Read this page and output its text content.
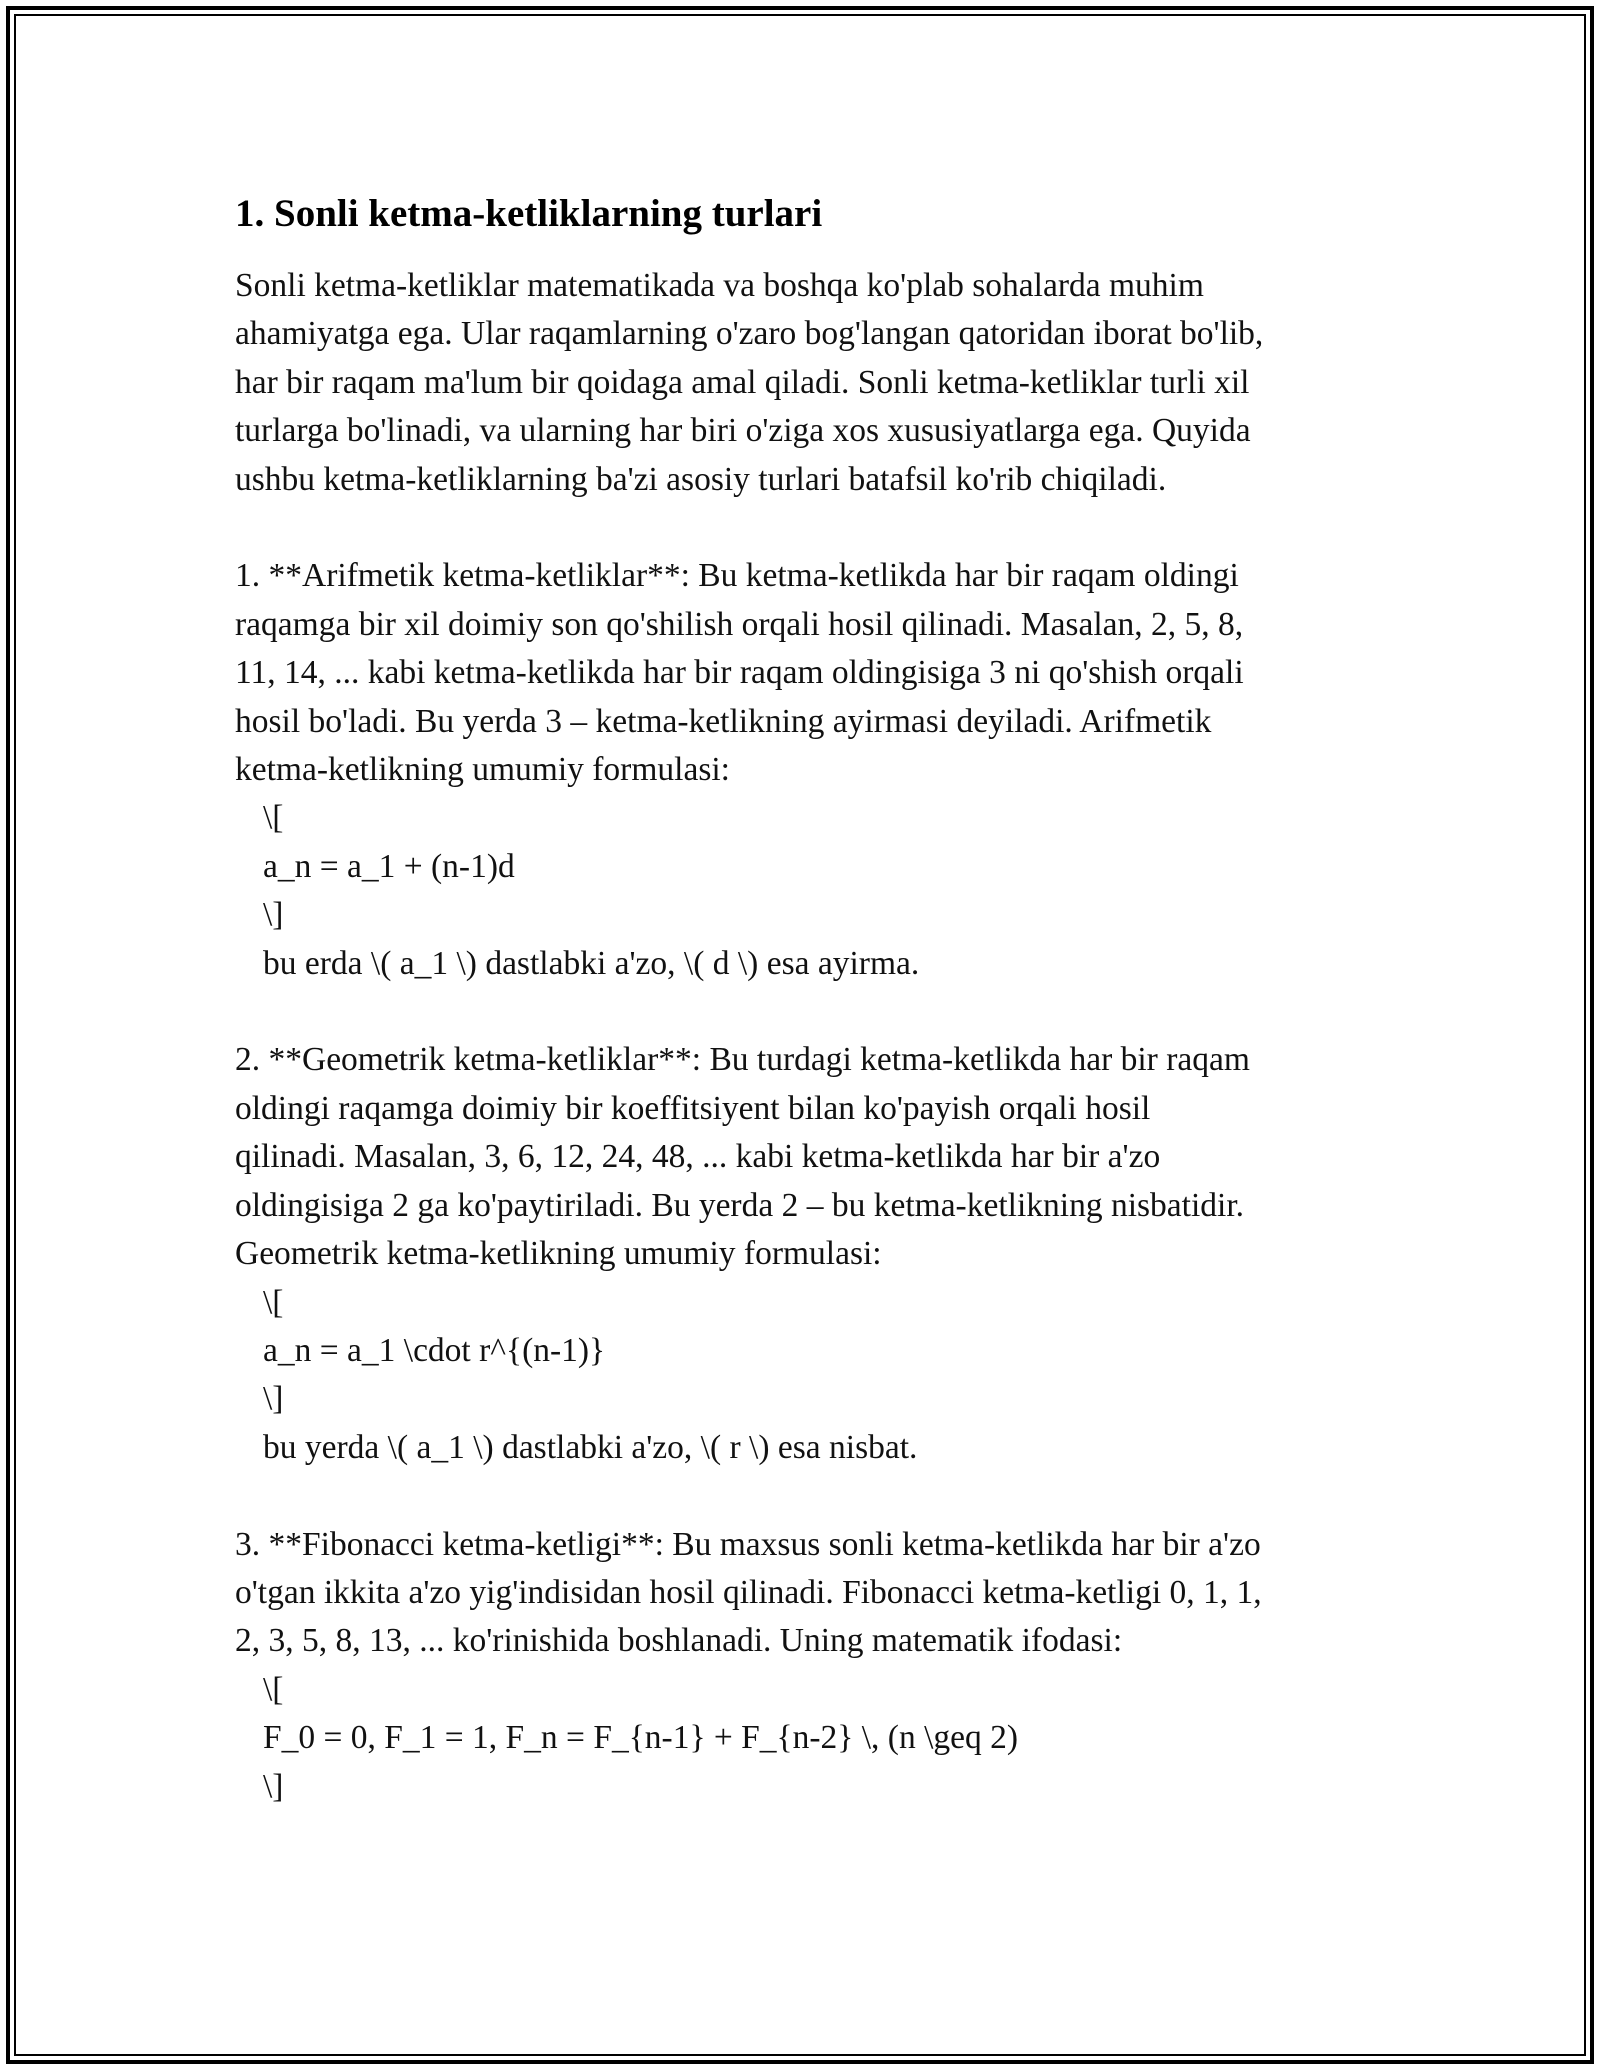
1. Sonli ketma-ketliklarning turlari

Sonli ketma-ketliklar matematikada va boshqa ko'plab sohalarda muhim
ahamiyatga ega. Ular raqamlarning o'zaro bog'langan qatoridan iborat bo'lib,
har bir raqam ma'lum bir qoidaga amal qiladi. Sonli ketma-ketliklar turli xil
turlarga bo'linadi, va ularning har biri o'ziga xos xususiyatlarga ega. Quyida
ushbu ketma-ketliklarning ba'zi asosiy turlari batafsil ko'rib chiqiladi.

1. **Arifmetik ketma-ketliklar**: Bu ketma-ketlikda har bir raqam oldingi
raqamga bir xil doimiy son qo'shilish orqali hosil qilinadi. Masalan, 2, 5, 8,
11, 14, ... kabi ketma-ketlikda har bir raqam oldingisiga 3 ni qo'shish orqali
hosil bo'ladi. Bu yerda 3 – ketma-ketlikning ayirmasi deyiladi. Arifmetik
ketma-ketlikning umumiy formulasi:

\[

a_n = a_1 + (n-1)d

\]

bu erda \( a_1 \) dastlabki a'zo, \( d \) esa ayirma.

2. **Geometrik ketma-ketliklar**: Bu turdagi ketma-ketlikda har bir raqam
oldingi raqamga doimiy bir koeffitsiyent bilan ko'payish orqali hosil
qilinadi. Masalan, 3, 6, 12, 24, 48, ... kabi ketma-ketlikda har bir a'zo
oldingisiga 2 ga ko'paytiriladi. Bu yerda 2 – bu ketma-ketlikning nisbatidir.
Geometrik ketma-ketlikning umumiy formulasi:

\[

a_n = a_1 \cdot r^{(n-1)}

\]

bu yerda \( a_1 \) dastlabki a'zo, \( r \) esa nisbat.

3. **Fibonacci ketma-ketligi**: Bu maxsus sonli ketma-ketlikda har bir a'zo
o'tgan ikkita a'zo yig'indisidan hosil qilinadi. Fibonacci ketma-ketligi 0, 1, 1,
2, 3, 5, 8, 13, ... ko'rinishida boshlanadi. Uning matematik ifodasi:

\[

F_0 = 0, F_1 = 1, F_n = F_{n-1} + F_{n-2} \, (n \geq 2)

\]
